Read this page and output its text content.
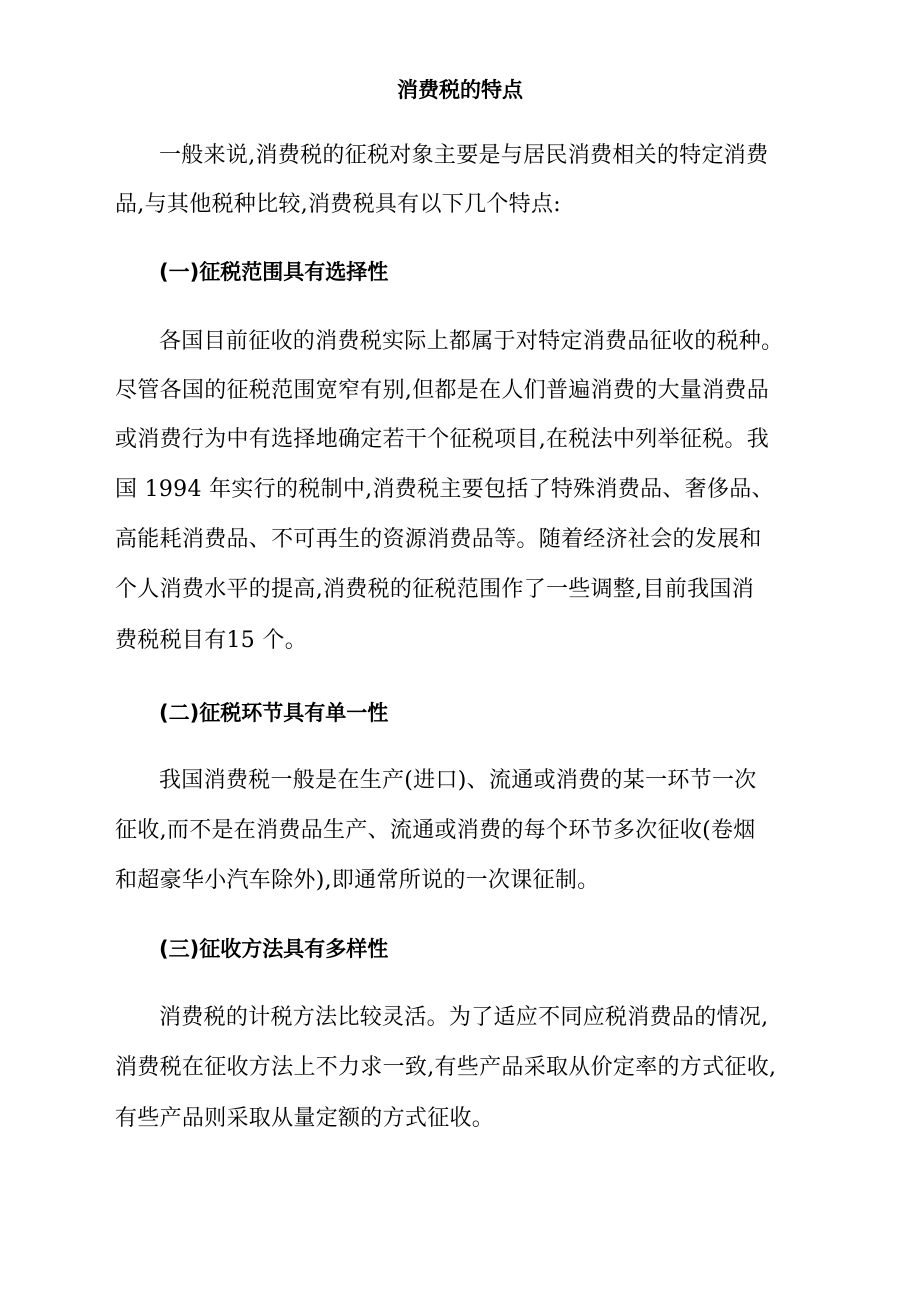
消费税的特点
一般来说,消费税的征税对象主要是与居民消费相关的特定消费
品,与其他税种比较,消费税具有以下几个特点:
(一)征税范围具有选择性
各国目前征收的消费税实际上都属于对特定消费品征收的税种。
尽管各国的征税范围宽窄有别,但都是在人们普遍消费的大量消费品
或消费行为中有选择地确定若干个征税项目,在税法中列举征税。我
国 1994 年实行的税制中,消费税主要包括了特殊消费品、奢侈品、
高能耗消费品、不可再生的资源消费品等。随着经济社会的发展和
个人消费水平的提高,消费税的征税范围作了一些调整,目前我国消
费税税目有15 个。
(二)征税环节具有单一性
我国消费税一般是在生产(进口)、流通或消费的某一环节一次
征收,而不是在消费品生产、流通或消费的每个环节多次征收(卷烟
和超豪华小汽车除外),即通常所说的一次课征制。
(三)征收方法具有多样性
消费税的计税方法比较灵活。为了适应不同应税消费品的情况,
消费税在征收方法上不力求一致,有些产品采取从价定率的方式征收,
有些产品则采取从量定额的方式征收。
